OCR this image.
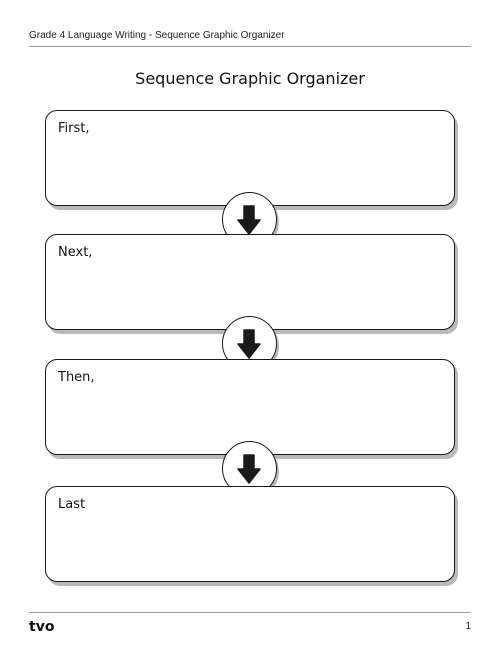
Grade 4 Language Writing - Sequence Graphic Organizer
Sequence Graphic Organizer
First,
Next,
Then,
Last
tvo	1
